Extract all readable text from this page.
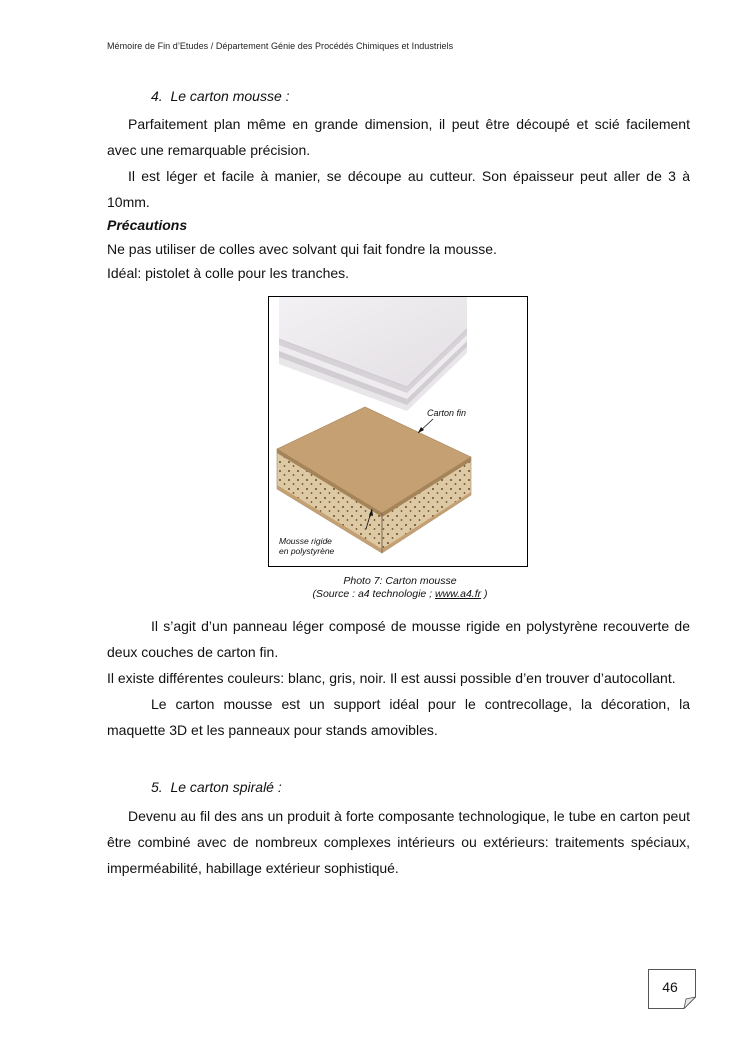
Mémoire de Fin d’Etudes / Département Génie des Procédés Chimiques et Industriels
4. Le carton mousse :

Parfaitement plan même en grande dimension, il peut être découpé et scié facilement avec une remarquable précision.

Il est léger et facile à manier, se découpe au cutteur. Son épaisseur peut aller de 3 à 10mm.

Précautions

Ne pas utiliser de colles avec solvant qui fait fondre la mousse.

Idéal: pistolet à colle pour les tranches.

Carton fin
Mousse rigide
en polystyrène
Photo 7: Carton mousse
(Source : a4 technologie ; www.a4.fr )

Il s’agit d’un panneau léger composé de mousse rigide en polystyrène recouverte de deux couches de carton fin.

Il existe différentes couleurs: blanc, gris, noir. Il est aussi possible d’en trouver d’autocollant.

Le carton mousse est un support idéal pour le contrecollage, la décoration, la maquette 3D et les panneaux pour stands amovibles.

5. Le carton spiralé :

Devenu au fil des ans un produit à forte composante technologique, le tube en carton peut être combiné avec de nombreux complexes intérieurs ou extérieurs: traitements spéciaux, imperméabilité, habillage extérieur sophistiqué.

46
